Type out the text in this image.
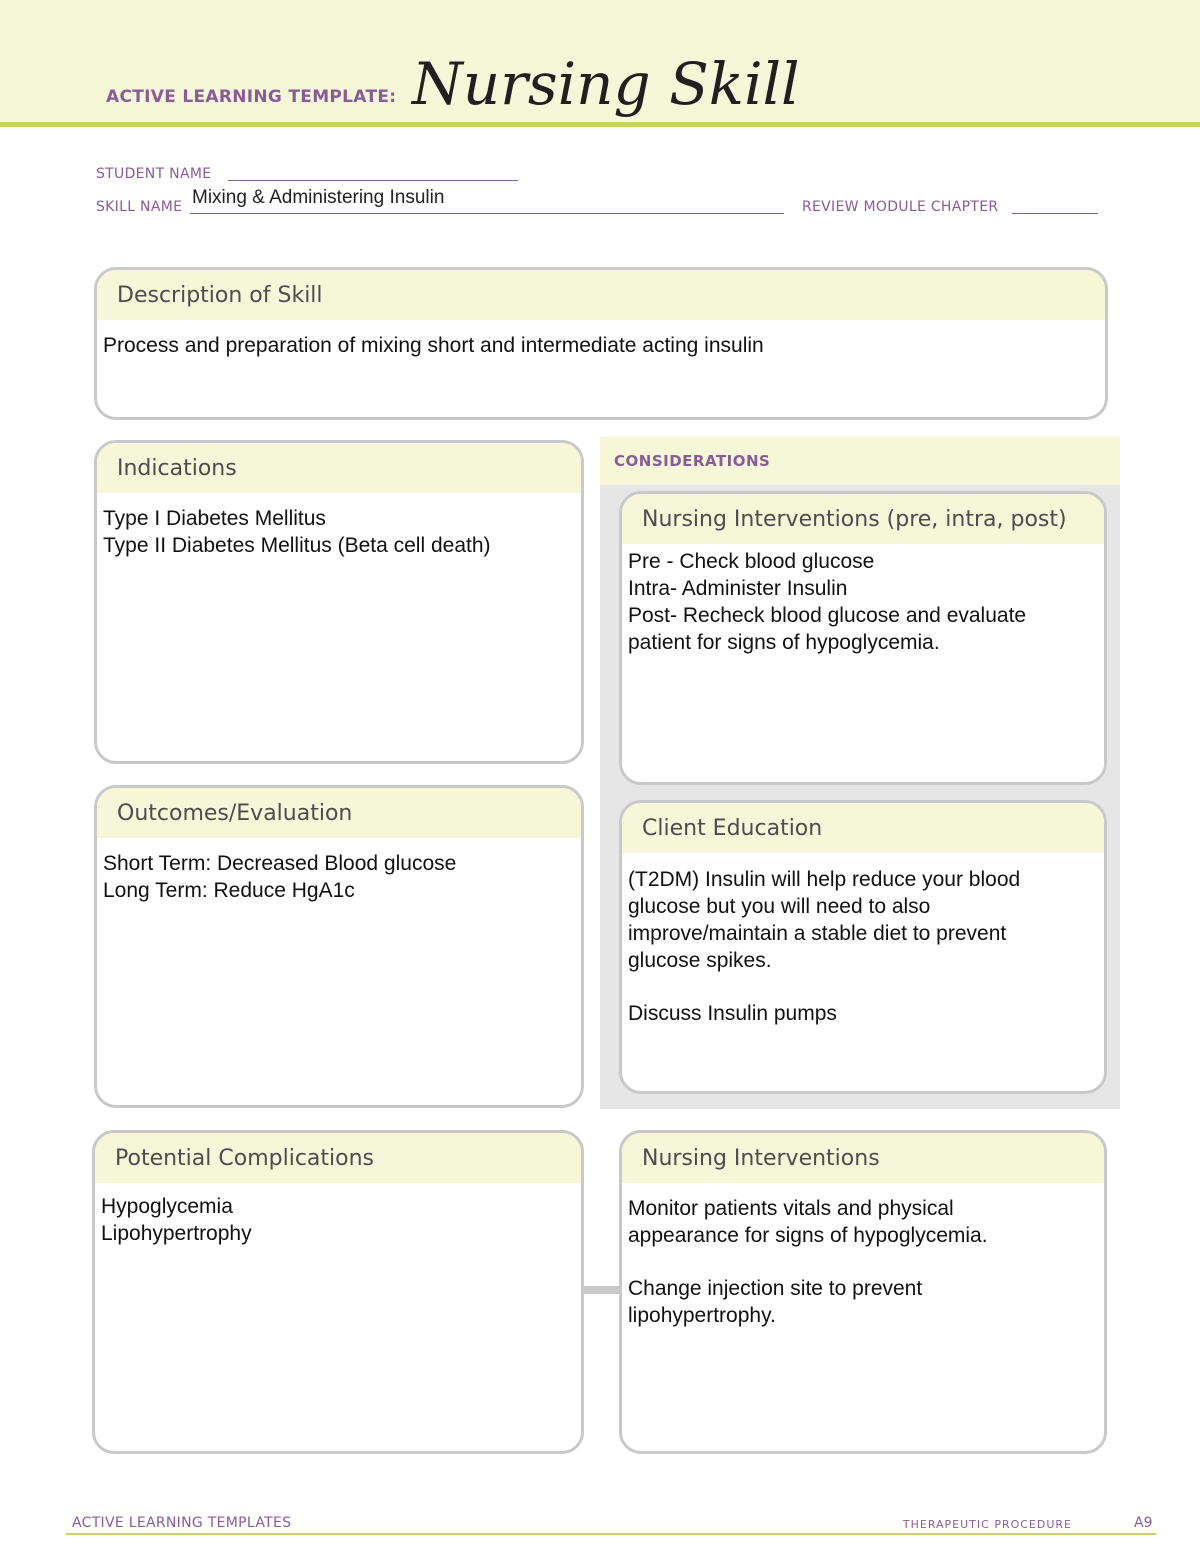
ACTIVE LEARNING TEMPLATE: Nursing Skill
STUDENT NAME
SKILL NAME Mixing & Administering Insulin	REVIEW MODULE CHAPTER
Description of Skill
Process and preparation of mixing short and intermediate acting insulin
Indications
Type I Diabetes Mellitus
Type II Diabetes Mellitus (Beta cell death)
CONSIDERATIONS
Nursing Interventions (pre, intra, post)
Pre - Check blood glucose
Intra- Administer Insulin
Post- Recheck blood glucose and evaluate
patient for signs of hypoglycemia.
Outcomes/Evaluation
Short Term: Decreased Blood glucose
Long Term: Reduce HgA1c
Client Education
(T2DM) Insulin will help reduce your blood
glucose but you will need to also
improve/maintain a stable diet to prevent
glucose spikes.
Discuss Insulin pumps
Potential Complications
Hypoglycemia
Lipohypertrophy
Nursing Interventions
Monitor patients vitals and physical
appearance for signs of hypoglycemia.
Change injection site to prevent
lipohypertrophy.
ACTIVE LEARNING TEMPLATES	THERAPEUTIC PROCEDURE	A9
